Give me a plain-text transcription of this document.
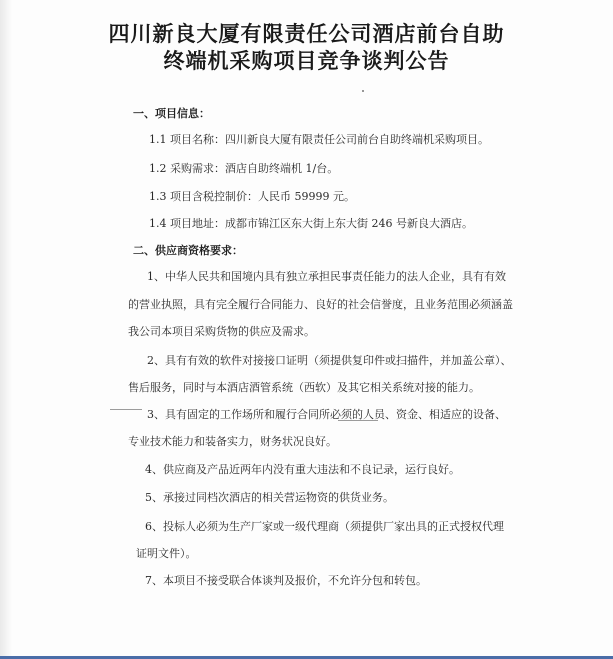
四川新良大厦有限责任公司酒店前台自助
终端机采购项目竞争谈判公告
一、项目信息：
1.1 项目名称：四川新良大厦有限责任公司前台自助终端机采购项目。
1.2 采购需求：酒店自助终端机 1/台。
1.3 项目含税控制价：人民币 59999 元。
1.4 项目地址：成都市锦江区东大街上东大街 246 号新良大酒店。
二、供应商资格要求：
1、中华人民共和国境内具有独立承担民事责任能力的法人企业，具有有效
的营业执照，具有完全履行合同能力、良好的社会信誉度，且业务范围必须涵盖
我公司本项目采购货物的供应及需求。
2、具有有效的软件对接接口证明（须提供复印件或扫描件，并加盖公章）、
售后服务，同时与本酒店酒管系统（西软）及其它相关系统对接的能力。
3、具有固定的工作场所和履行合同所必须的人员、资金、相适应的设备、
专业技术能力和装备实力，财务状况良好。
4、供应商及产品近两年内没有重大违法和不良记录，运行良好。
5、承接过同档次酒店的相关营运物资的供货业务。
6、投标人必须为生产厂家或一级代理商（须提供厂家出具的正式授权代理
证明文件）。
7、本项目不接受联合体谈判及报价，不允许分包和转包。
